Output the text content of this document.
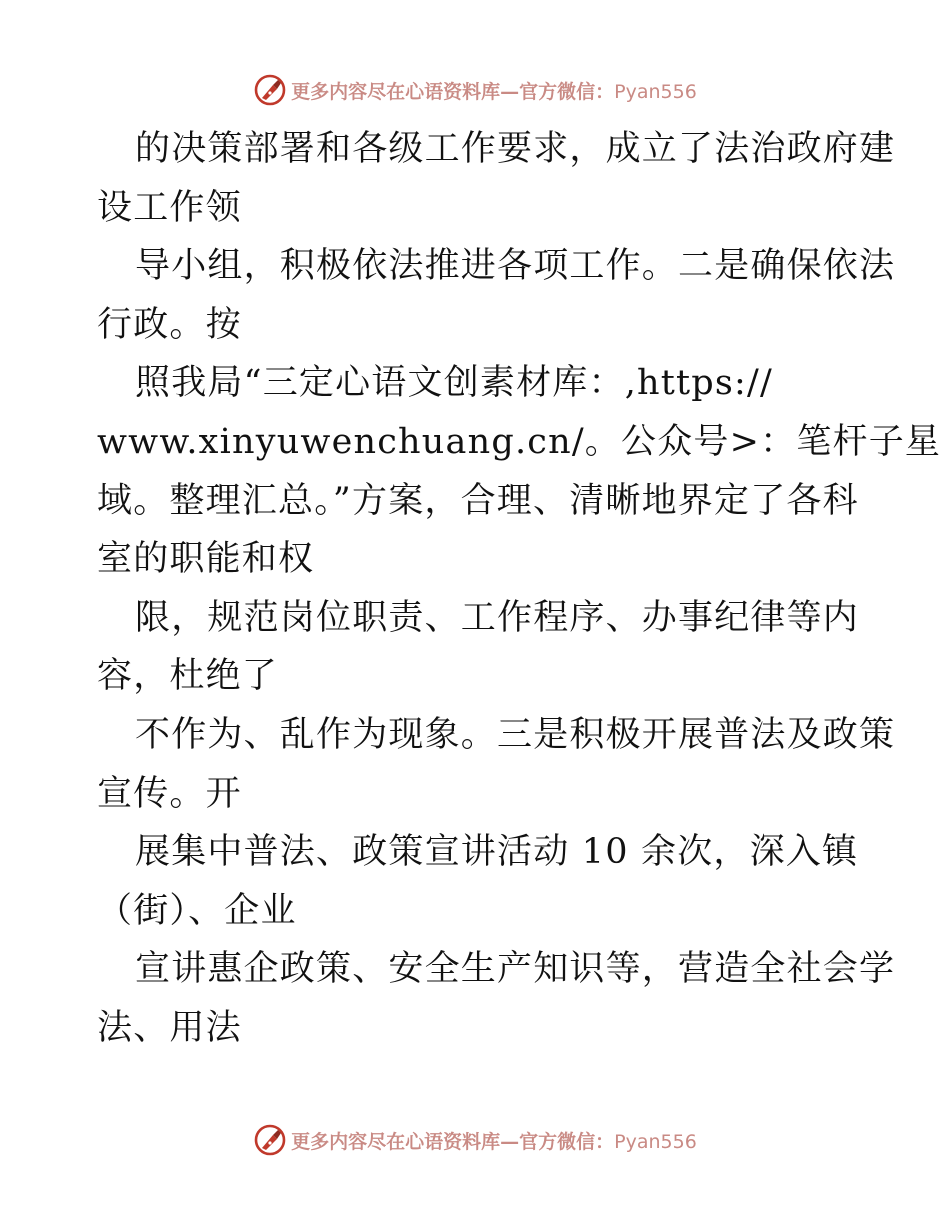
更多内容尽在心语资料库—官方微信：Pyan556
的决策部署和各级工作要求，成立了法治政府建
设工作领
导小组，积极依法推进各项工作。二是确保依法
行政。按
照我局“三定心语文创素材库：,https://
www.xinyuwenchuang.cn/。公众号>：笔杆子星
域。整理汇总。”方案，合理、清晰地界定了各科
室的职能和权
限，规范岗位职责、工作程序、办事纪律等内
容，杜绝了
不作为、乱作为现象。三是积极开展普法及政策
宣传。开
展集中普法、政策宣讲活动 10 余次，深入镇
（街）、企业
宣讲惠企政策、安全生产知识等，营造全社会学
法、用法
更多内容尽在心语资料库—官方微信：Pyan556
